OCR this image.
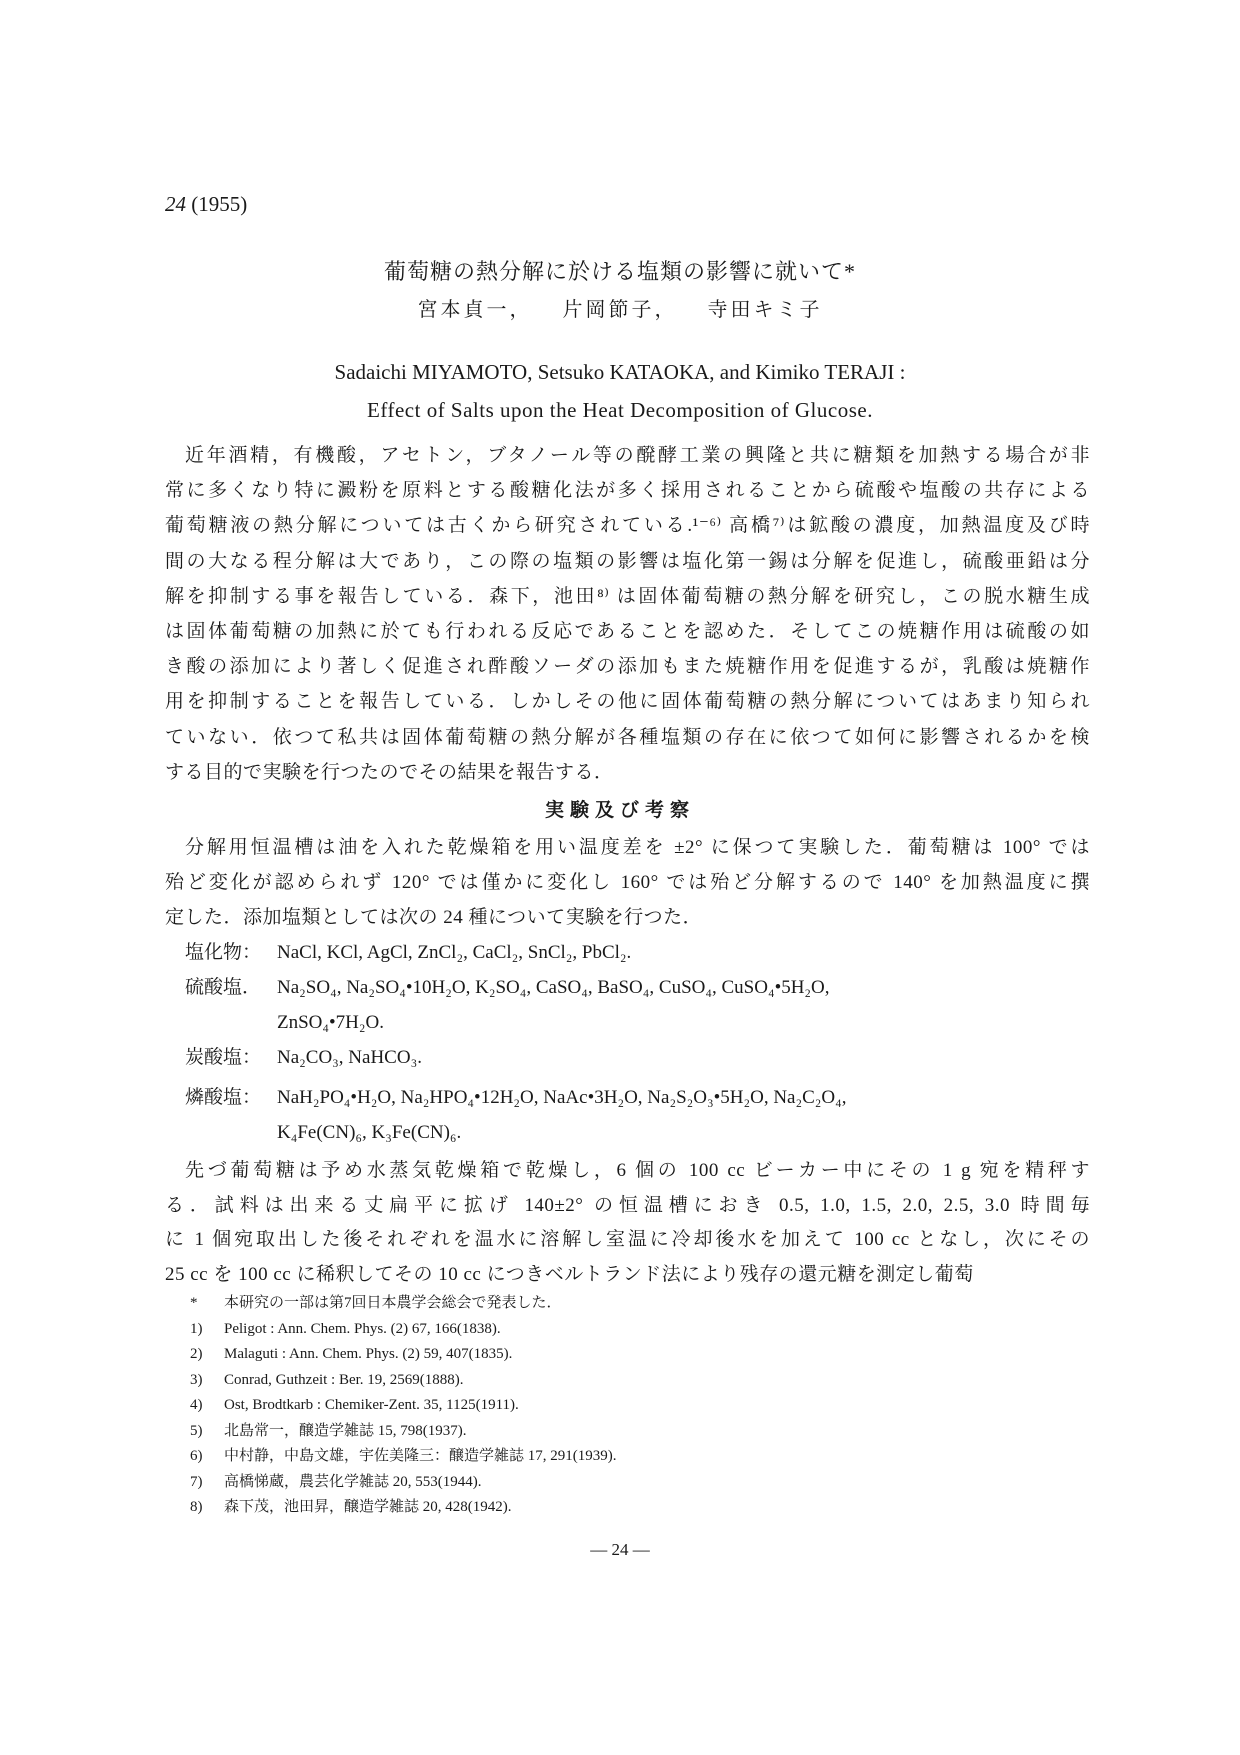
24 (1955)
葡萄糖の熱分解に於ける塩類の影響に就いて*
宮本貞一， 片岡節子， 寺田キミ子
Sadaichi MIYAMOTO, Setsuko KATAOKA, and Kimiko TERAJI :
Effect of Salts upon the Heat Decomposition of Glucose.
近年酒精，有機酸，アセトン，ブタノール等の醗酵工業の興隆と共に糖類を加熱する場合が非
常に多くなり特に澱粉を原料とする酸糖化法が多く採用されることから硫酸や塩酸の共存による
葡萄糖液の熱分解については古くから研究されている.¹⁻⁶⁾ 高橋⁷⁾は鉱酸の濃度，加熱温度及び時
間の大なる程分解は大であり，この際の塩類の影響は塩化第一錫は分解を促進し，硫酸亜鉛は分
解を抑制する事を報告している．森下，池田⁸⁾ は固体葡萄糖の熱分解を研究し，この脱水糖生成
は固体葡萄糖の加熱に於ても行われる反応であることを認めた．そしてこの焼糖作用は硫酸の如
き酸の添加により著しく促進され酢酸ソーダの添加もまた焼糖作用を促進するが，乳酸は焼糖作
用を抑制することを報告している．しかしその他に固体葡萄糖の熱分解についてはあまり知られ
ていない．依つて私共は固体葡萄糖の熱分解が各種塩類の存在に依つて如何に影響されるかを検
する目的で実験を行つたのでその結果を報告する．
実験及び考察
分解用恒温槽は油を入れた乾燥箱を用い温度差を ±2° に保つて実験した．葡萄糖は 100° では
殆ど変化が認められず 120° では僅かに変化し 160° では殆ど分解するので 140° を加熱温度に撰
定した．添加塩類としては次の 24 種について実験を行つた．
塩化物： NaCl, KCl, AgCl, ZnCl₂, CaCl₂, SnCl₂, PbCl₂.
硫酸塩． Na₂SO₄, Na₂SO₄•10H₂O, K₂SO₄, CaSO₄, BaSO₄, CuSO₄, CuSO₄•5H₂O,
ZnSO₄•7H₂O.
炭酸塩： Na₂CO₃, NaHCO₃.
燐酸塩： NaH₂PO₄•H₂O, Na₂HPO₄•12H₂O, NaAc•3H₂O, Na₂S₂O₃•5H₂O, Na₂C₂O₄,
K₄Fe(CN)₆, K₃Fe(CN)₆.
先づ葡萄糖は予め水蒸気乾燥箱で乾燥し，6 個の 100 cc ビーカー中にその 1 g 宛を精秤す
る．試料は出来る丈扁平に拡げ 140±2° の恒温槽におき 0.5, 1.0, 1.5, 2.0, 2.5, 3.0 時間毎
に 1 個宛取出した後それぞれを温水に溶解し室温に冷却後水を加えて 100 cc となし，次にその
25 cc を 100 cc に稀釈してその 10 cc につきベルトランド法により残存の還元糖を測定し葡萄
* 本研究の一部は第7回日本農学会総会で発表した．
1) Peligot : Ann. Chem. Phys. (2) 67, 166(1838).
2) Malaguti : Ann. Chem. Phys. (2) 59, 407(1835).
3) Conrad, Guthzeit : Ber. 19, 2569(1888).
4) Ost, Brodtkarb : Chemiker-Zent. 35, 1125(1911).
5) 北島常一，醸造学雑誌 15, 798(1937).
6) 中村静，中島文雄，宇佐美隆三：醸造学雑誌 17, 291(1939).
7) 高橋悌蔵，農芸化学雑誌 20, 553(1944).
8) 森下茂，池田昇，醸造学雑誌 20, 428(1942).
— 24 —
